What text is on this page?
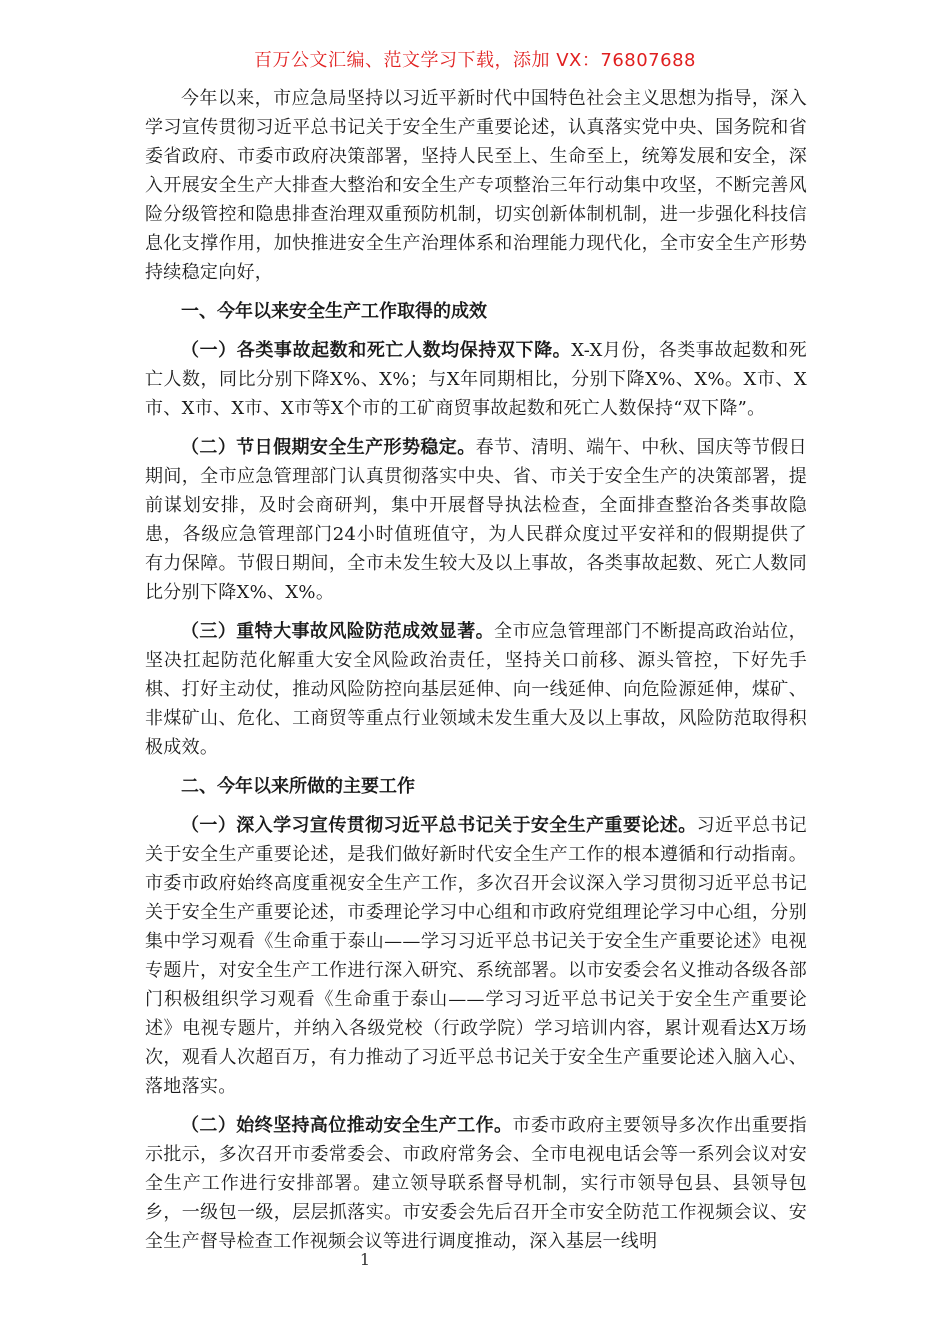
百万公文汇编、范文学习下载，添加 VX：76807688

今年以来，市应急局坚持以习近平新时代中国特色社会主义思想为指导，深入学习宣传贯彻习近平总书记关于安全生产重要论述，认真落实党中央、国务院和省委省政府、市委市政府决策部署，坚持人民至上、生命至上，统筹发展和安全，深入开展安全生产大排查大整治和安全生产专项整治三年行动集中攻坚，不断完善风险分级管控和隐患排查治理双重预防机制，切实创新体制机制，进一步强化科技信息化支撑作用，加快推进安全生产治理体系和治理能力现代化，全市安全生产形势持续稳定向好，

一、今年以来安全生产工作取得的成效

（一）各类事故起数和死亡人数均保持双下降。X-X月份，各类事故起数和死亡人数，同比分别下降X%、X%；与X年同期相比，分别下降X%、X%。X市、X市、X市、X市、X市等X个市的工矿商贸事故起数和死亡人数保持“双下降”。

（二）节日假期安全生产形势稳定。春节、清明、端午、中秋、国庆等节假日期间，全市应急管理部门认真贯彻落实中央、省、市关于安全生产的决策部署，提前谋划安排，及时会商研判，集中开展督导执法检查，全面排查整治各类事故隐患，各级应急管理部门24小时值班值守，为人民群众度过平安祥和的假期提供了有力保障。节假日期间，全市未发生较大及以上事故，各类事故起数、死亡人数同比分别下降X%、X%。

（三）重特大事故风险防范成效显著。全市应急管理部门不断提高政治站位，坚决扛起防范化解重大安全风险政治责任，坚持关口前移、源头管控，下好先手棋、打好主动仗，推动风险防控向基层延伸、向一线延伸、向危险源延伸，煤矿、非煤矿山、危化、工商贸等重点行业领域未发生重大及以上事故，风险防范取得积极成效。

二、今年以来所做的主要工作

（一）深入学习宣传贯彻习近平总书记关于安全生产重要论述。习近平总书记关于安全生产重要论述，是我们做好新时代安全生产工作的根本遵循和行动指南。市委市政府始终高度重视安全生产工作，多次召开会议深入学习贯彻习近平总书记关于安全生产重要论述，市委理论学习中心组和市政府党组理论学习中心组，分别集中学习观看《生命重于泰山——学习习近平总书记关于安全生产重要论述》电视专题片，对安全生产工作进行深入研究、系统部署。以市安委会名义推动各级各部门积极组织学习观看《生命重于泰山——学习习近平总书记关于安全生产重要论述》电视专题片，并纳入各级党校（行政学院）学习培训内容，累计观看达X万场次，观看人次超百万，有力推动了习近平总书记关于安全生产重要论述入脑入心、落地落实。

（二）始终坚持高位推动安全生产工作。市委市政府主要领导多次作出重要指示批示，多次召开市委常委会、市政府常务会、全市电视电话会等一系列会议对安全生产工作进行安排部署。建立领导联系督导机制，实行市领导包县、县领导包乡，一级包一级，层层抓落实。市安委会先后召开全市安全防范工作视频会议、安全生产督导检查工作视频会议等进行调度推动，深入基层一线明

1
